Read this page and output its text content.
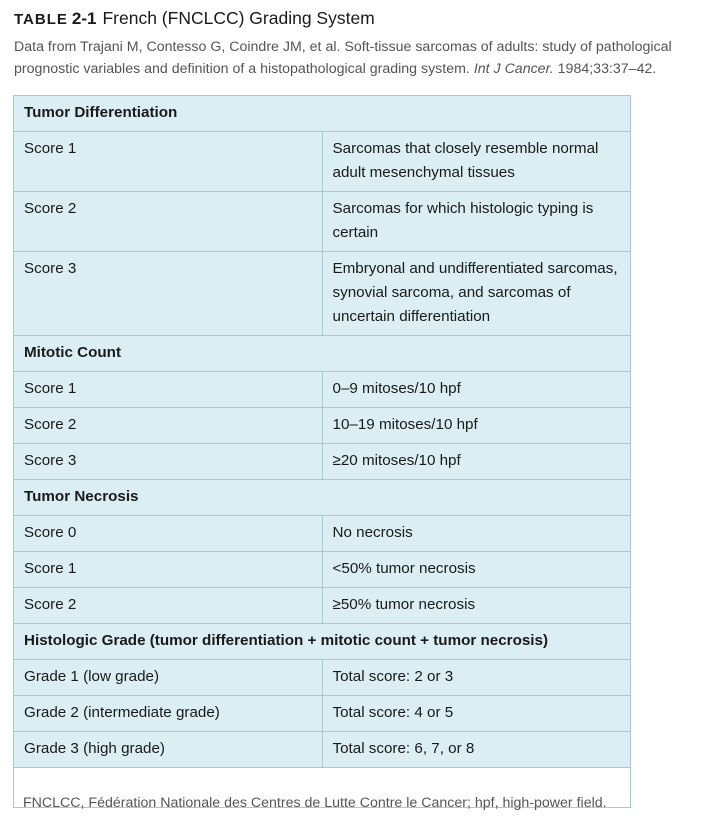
TABLE 2-1 French (FNCLCC) Grading System
Data from Trajani M, Contesso G, Coindre JM, et al. Soft-tissue sarcomas of adults: study of pathological prognostic variables and definition of a histopathological grading system. Int J Cancer. 1984;33:37–42.
Tumor Differentiation	
Score 1	Sarcomas that closely resemble normal adult mesenchymal tissues
Score 2	Sarcomas for which histologic typing is certain
Score 3	Embryonal and undifferentiated sarcomas, synovial sarcoma, and sarcomas of uncertain differentiation
Mitotic Count	
Score 1	0–9 mitoses/10 hpf
Score 2	10–19 mitoses/10 hpf
Score 3	≥20 mitoses/10 hpf
Tumor Necrosis	
Score 0	No necrosis
Score 1	<50% tumor necrosis
Score 2	≥50% tumor necrosis
Histologic Grade (tumor differentiation + mitotic count + tumor necrosis)	
Grade 1 (low grade)	Total score: 2 or 3
Grade 2 (intermediate grade)	Total score: 4 or 5
Grade 3 (high grade)	Total score: 6, 7, or 8
FNCLCC, Fédération Nationale des Centres de Lutte Contre le Cancer; hpf, high-power field.
